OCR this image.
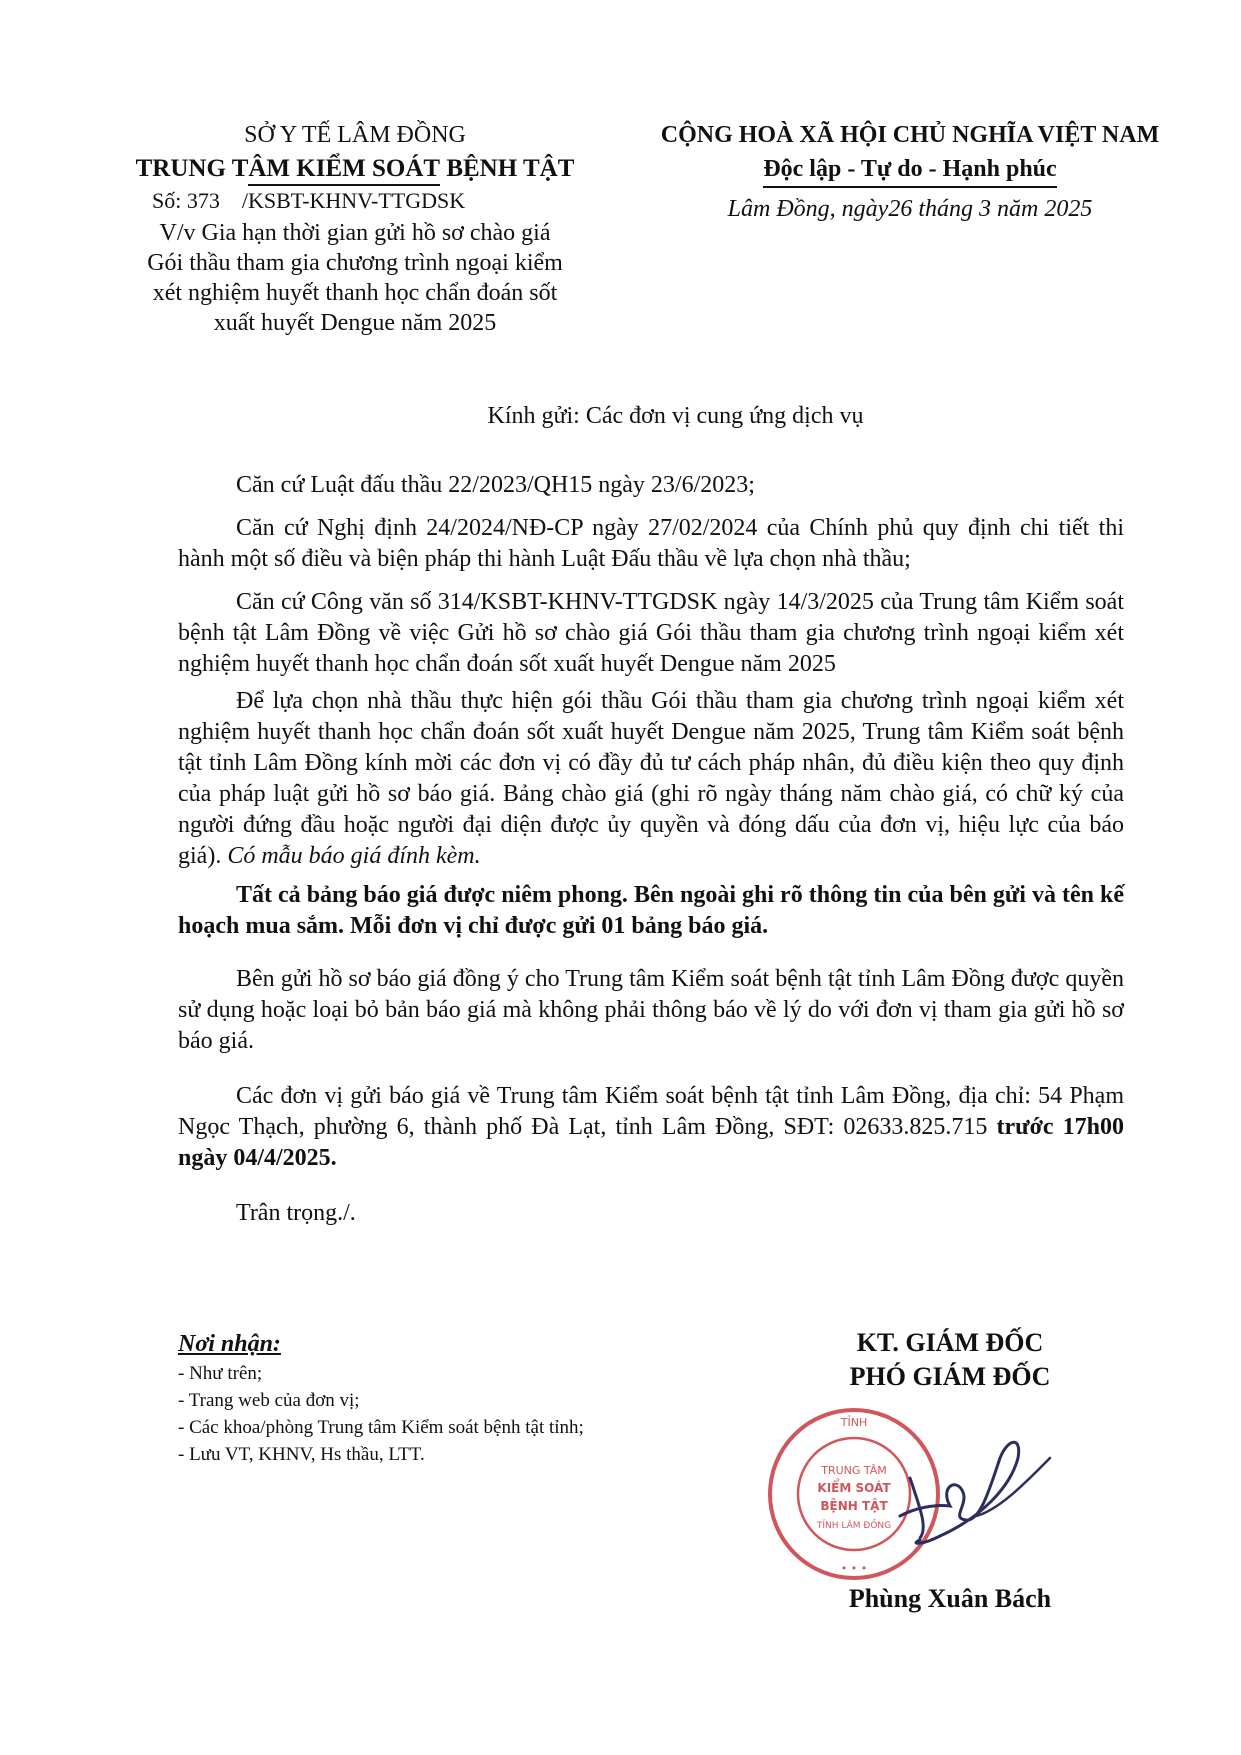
SỞ Y TẾ LÂM ĐỒNG
TRUNG TÂM KIỂM SOÁT BỆNH TẬT
Số: 373 /KSBT-KHNV-TTGDSK
V/v Gia hạn thời gian gửi hồ sơ chào giá Gói thầu tham gia chương trình ngoại kiểm xét nghiệm huyết thanh học chẩn đoán sốt xuất huyết Dengue năm 2025
CỘNG HOÀ XÃ HỘI CHỦ NGHĨA VIỆT NAM
Độc lập - Tự do - Hạnh phúc
Lâm Đồng, ngày26 tháng 3 năm 2025
Kính gửi: Các đơn vị cung ứng dịch vụ

Căn cứ Luật đấu thầu 22/2023/QH15 ngày 23/6/2023;

Căn cứ Nghị định 24/2024/NĐ-CP ngày 27/02/2024 của Chính phủ quy định chi tiết thi hành một số điều và biện pháp thi hành Luật Đấu thầu về lựa chọn nhà thầu;

Căn cứ Công văn số 314/KSBT-KHNV-TTGDSK ngày 14/3/2025 của Trung tâm Kiểm soát bệnh tật Lâm Đồng về việc Gửi hồ sơ chào giá Gói thầu tham gia chương trình ngoại kiểm xét nghiệm huyết thanh học chẩn đoán sốt xuất huyết Dengue năm 2025

Để lựa chọn nhà thầu thực hiện gói thầu Gói thầu tham gia chương trình ngoại kiểm xét nghiệm huyết thanh học chẩn đoán sốt xuất huyết Dengue năm 2025, Trung tâm Kiểm soát bệnh tật tỉnh Lâm Đồng kính mời các đơn vị có đầy đủ tư cách pháp nhân, đủ điều kiện theo quy định của pháp luật gửi hồ sơ báo giá. Bảng chào giá (ghi rõ ngày tháng năm chào giá, có chữ ký của người đứng đầu hoặc người đại diện được ủy quyền và đóng dấu của đơn vị, hiệu lực của báo giá). Có mẫu báo giá đính kèm.

Tất cả bảng báo giá được niêm phong. Bên ngoài ghi rõ thông tin của bên gửi và tên kế hoạch mua sắm. Mỗi đơn vị chỉ được gửi 01 bảng báo giá.

Bên gửi hồ sơ báo giá đồng ý cho Trung tâm Kiểm soát bệnh tật tỉnh Lâm Đồng được quyền sử dụng hoặc loại bỏ bản báo giá mà không phải thông báo về lý do với đơn vị tham gia gửi hồ sơ báo giá.

Các đơn vị gửi báo giá về Trung tâm Kiểm soát bệnh tật tỉnh Lâm Đồng, địa chỉ: 54 Phạm Ngọc Thạch, phường 6, thành phố Đà Lạt, tỉnh Lâm Đồng, SĐT: 02633.825.715 trước 17h00 ngày 04/4/2025.

Trân trọng./.

Nơi nhận:
- Như trên;
- Trang web của đơn vị;
- Các khoa/phòng Trung tâm Kiểm soát bệnh tật tỉnh;
- Lưu VT, KHNV, Hs thầu, LTT.
KT. GIÁM ĐỐC
PHÓ GIÁM ĐỐC
TỈNH
• • •
TRUNG TÂM
KIỂM SOÁT
BỆNH TẬT
TỈNH LÂM ĐỒNG
Phùng Xuân Bách
